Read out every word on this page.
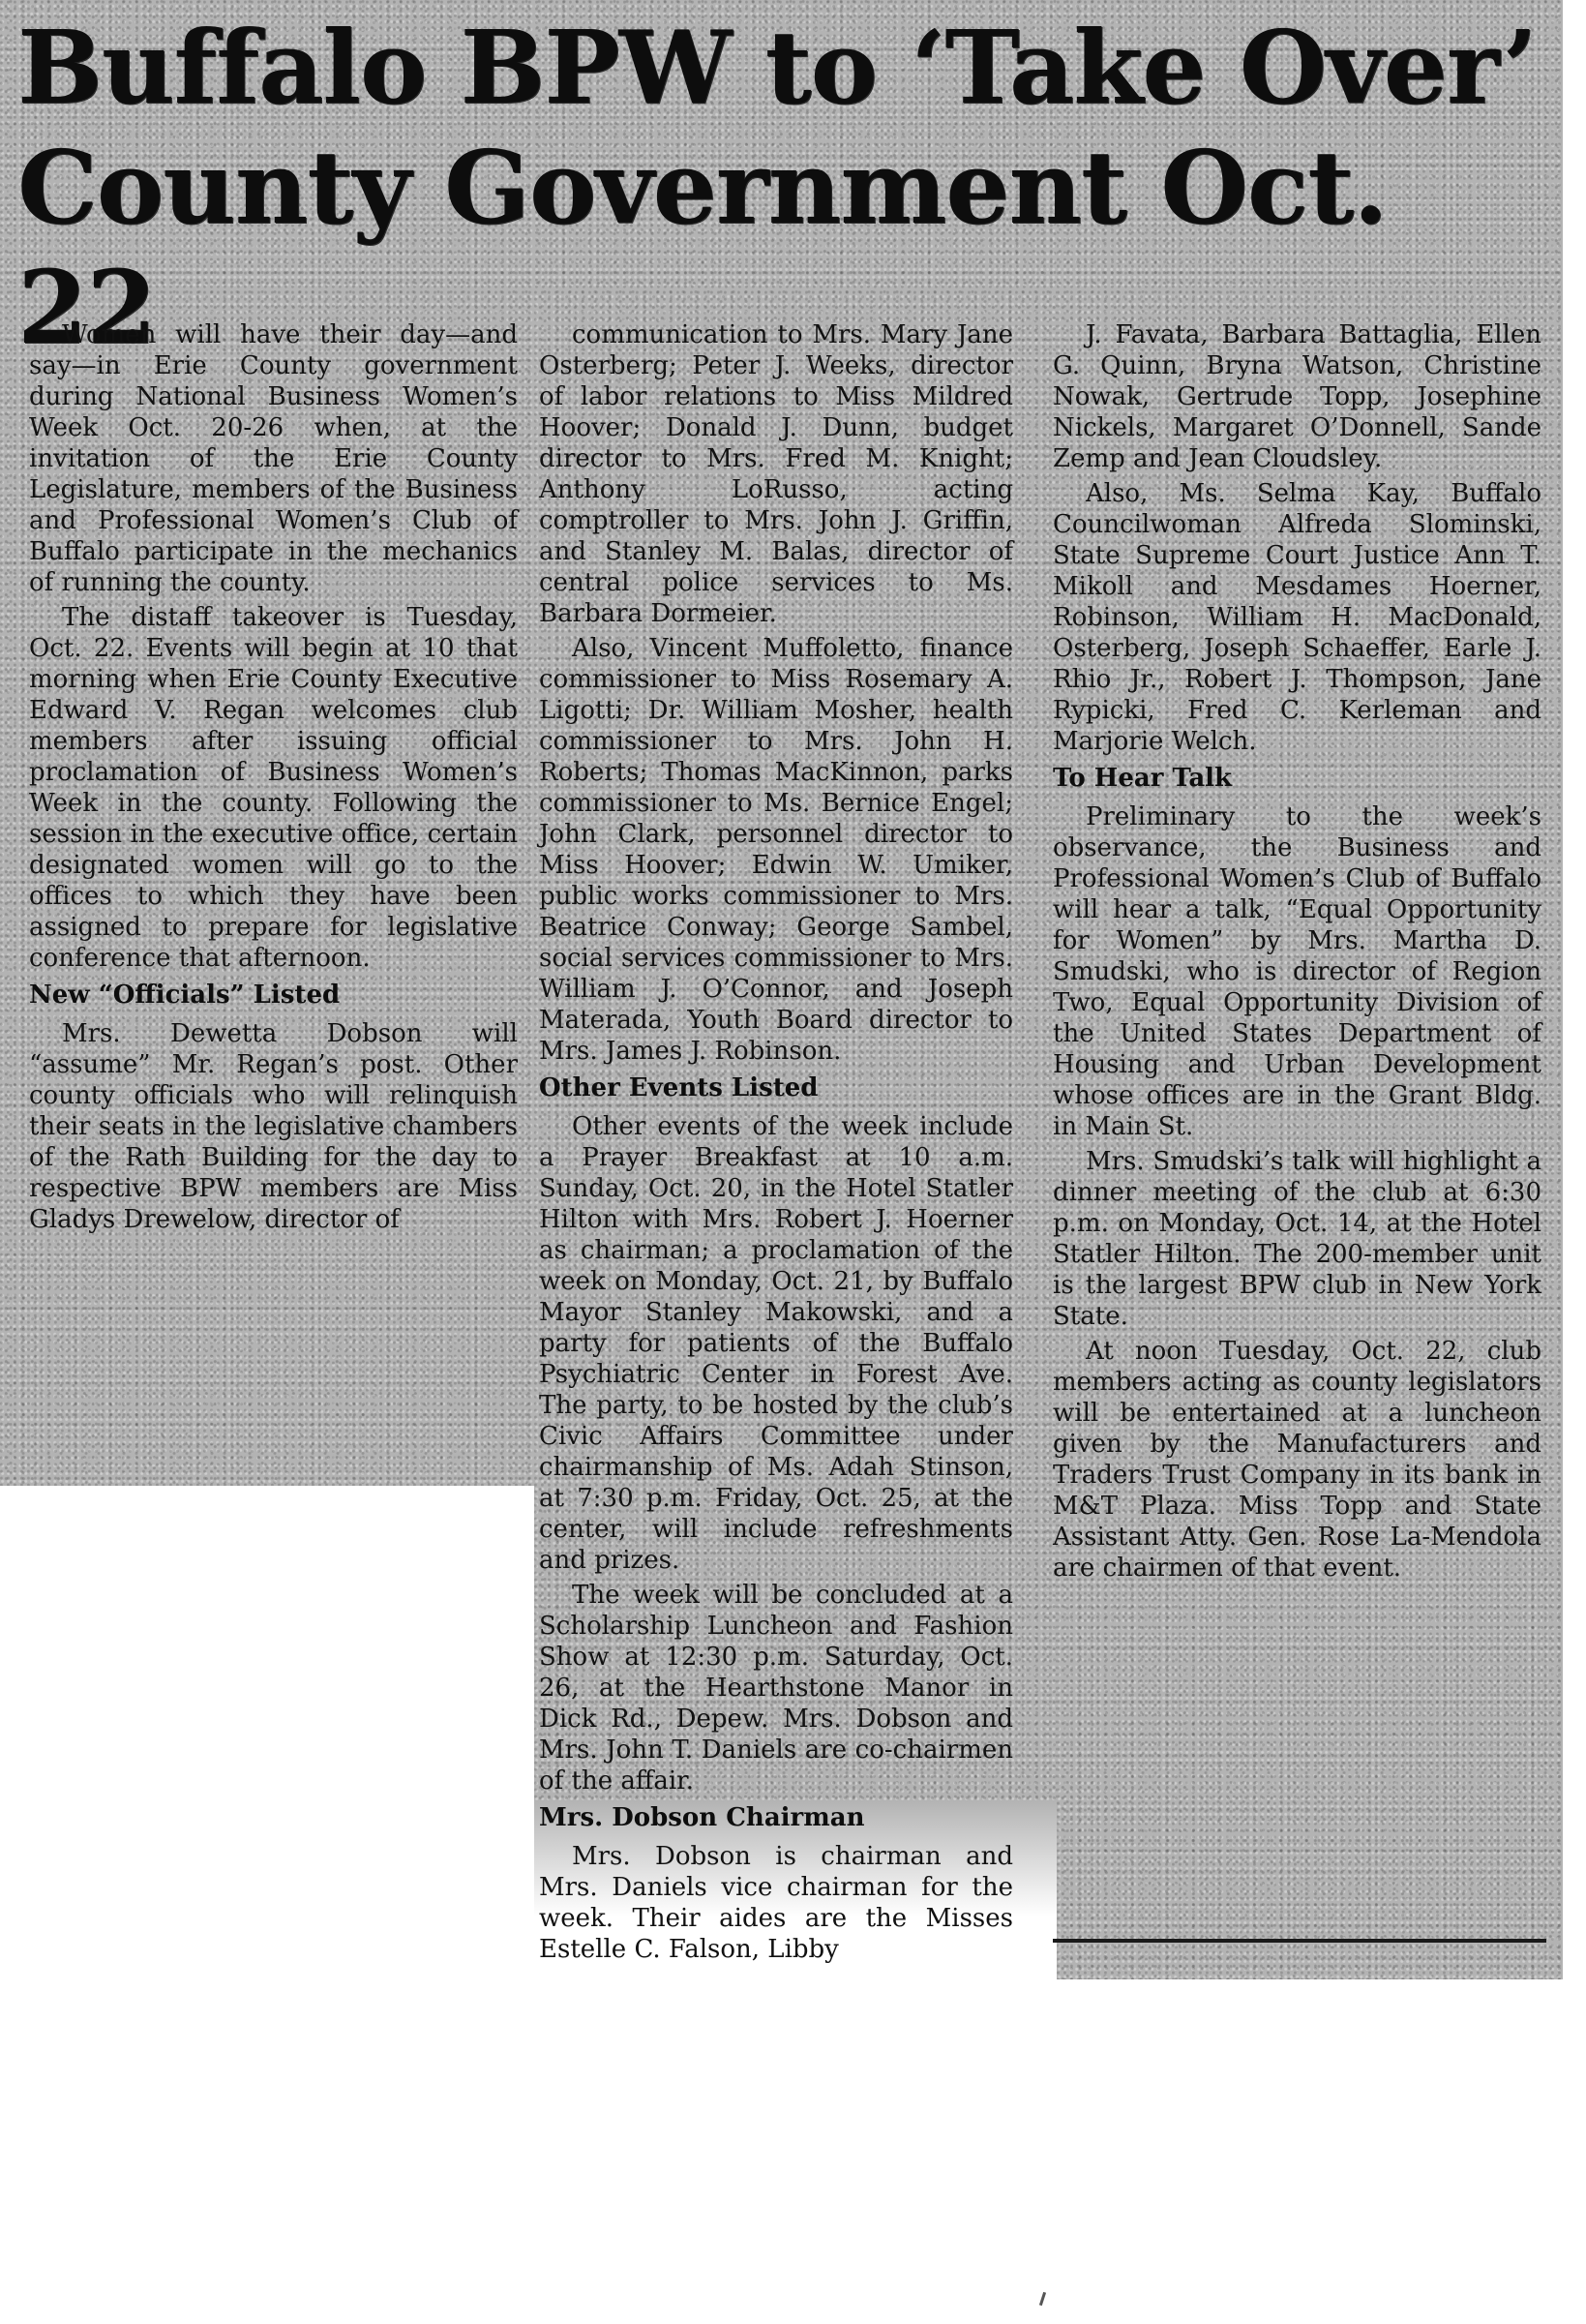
Buffalo BPW to ‘Take Over’
County Government Oct. 22

Women will have their day—and say—in Erie County government during National Business Women’s Week Oct. 20-26 when, at the invitation of the Erie County Legislature, members of the Business and Professional Women’s Club of Buffalo participate in the mechanics of running the county.

The distaff takeover is Tuesday, Oct. 22. Events will begin at 10 that morning when Erie County Executive Edward V. Regan welcomes club members after issuing official proclamation of Business Women’s Week in the county. Following the session in the executive office, certain designated women will go to the offices to which they have been assigned to prepare for legislative conference that afternoon.

New “Officials” Listed

Mrs. Dewetta Dobson will “assume” Mr. Regan’s post. Other county officials who will relinquish their seats in the legislative chambers of the Rath Building for the day to respective BPW members are Miss Gladys Drewelow, director of

communication to Mrs. Mary Jane Osterberg; Peter J. Weeks, director of labor relations to Miss Mildred Hoover; Donald J. Dunn, budget director to Mrs. Fred M. Knight; Anthony LoRusso, acting comptroller to Mrs. John J. Griffin, and Stanley M. Balas, director of central police services to Ms. Barbara Dormeier.

Also, Vincent Muffoletto, finance commissioner to Miss Rosemary A. Ligotti; Dr. William Mosher, health commissioner to Mrs. John H. Roberts; Thomas MacKinnon, parks commissioner to Ms. Bernice Engel; John Clark, personnel director to Miss Hoover; Edwin W. Umiker, public works commissioner to Mrs. Beatrice Conway; George Sambel, social services commissioner to Mrs. William J. O’Connor, and Joseph Materada, Youth Board director to Mrs. James J. Robinson.

Other Events Listed

Other events of the week include a Prayer Breakfast at 10 a.m. Sunday, Oct. 20, in the Hotel Statler Hilton with Mrs. Robert J. Hoerner as chairman; a proclamation of the week on Monday, Oct. 21, by Buffalo Mayor Stanley Makowski, and a party for patients of the Buffalo Psychiatric Center in Forest Ave. The party, to be hosted by the club’s Civic Affairs Committee under chairmanship of Ms. Adah Stinson, at 7:30 p.m. Friday, Oct. 25, at the center, will include refreshments and prizes.

The week will be concluded at a Scholarship Luncheon and Fashion Show at 12:30 p.m. Saturday, Oct. 26, at the Hearthstone Manor in Dick Rd., Depew. Mrs. Dobson and Mrs. John T. Daniels are co-chairmen of the affair.

Mrs. Dobson Chairman

Mrs. Dobson is chairman and Mrs. Daniels vice chairman for the week. Their aides are the Misses Estelle C. Falson, Libby

J. Favata, Barbara Battaglia, Ellen G. Quinn, Bryna Watson, Christine Nowak, Gertrude Topp, Josephine Nickels, Margaret O’Donnell, Sande Zemp and Jean Cloudsley.

Also, Ms. Selma Kay, Buffalo Councilwoman Alfreda Slominski, State Supreme Court Justice Ann T. Mikoll and Mesdames Hoerner, Robinson, William H. MacDonald, Osterberg, Joseph Schaeffer, Earle J. Rhio Jr., Robert J. Thompson, Jane Rypicki, Fred C. Kerleman and Marjorie Welch.

To Hear Talk

Preliminary to the week’s observance, the Business and Professional Women’s Club of Buffalo will hear a talk, “Equal Opportunity for Women” by Mrs. Martha D. Smudski, who is director of Region Two, Equal Opportunity Division of the United States Department of Housing and Urban Development whose offices are in the Grant Bldg. in Main St.

Mrs. Smudski’s talk will highlight a dinner meeting of the club at 6:30 p.m. on Monday, Oct. 14, at the Hotel Statler Hilton. The 200-member unit is the largest BPW club in New York State.

At noon Tuesday, Oct. 22, club members acting as county legislators will be entertained at a luncheon given by the Manufacturers and Traders Trust Company in its bank in M&T Plaza. Miss Topp and State Assistant Atty. Gen. Rose La-Mendola are chairmen of that event.
